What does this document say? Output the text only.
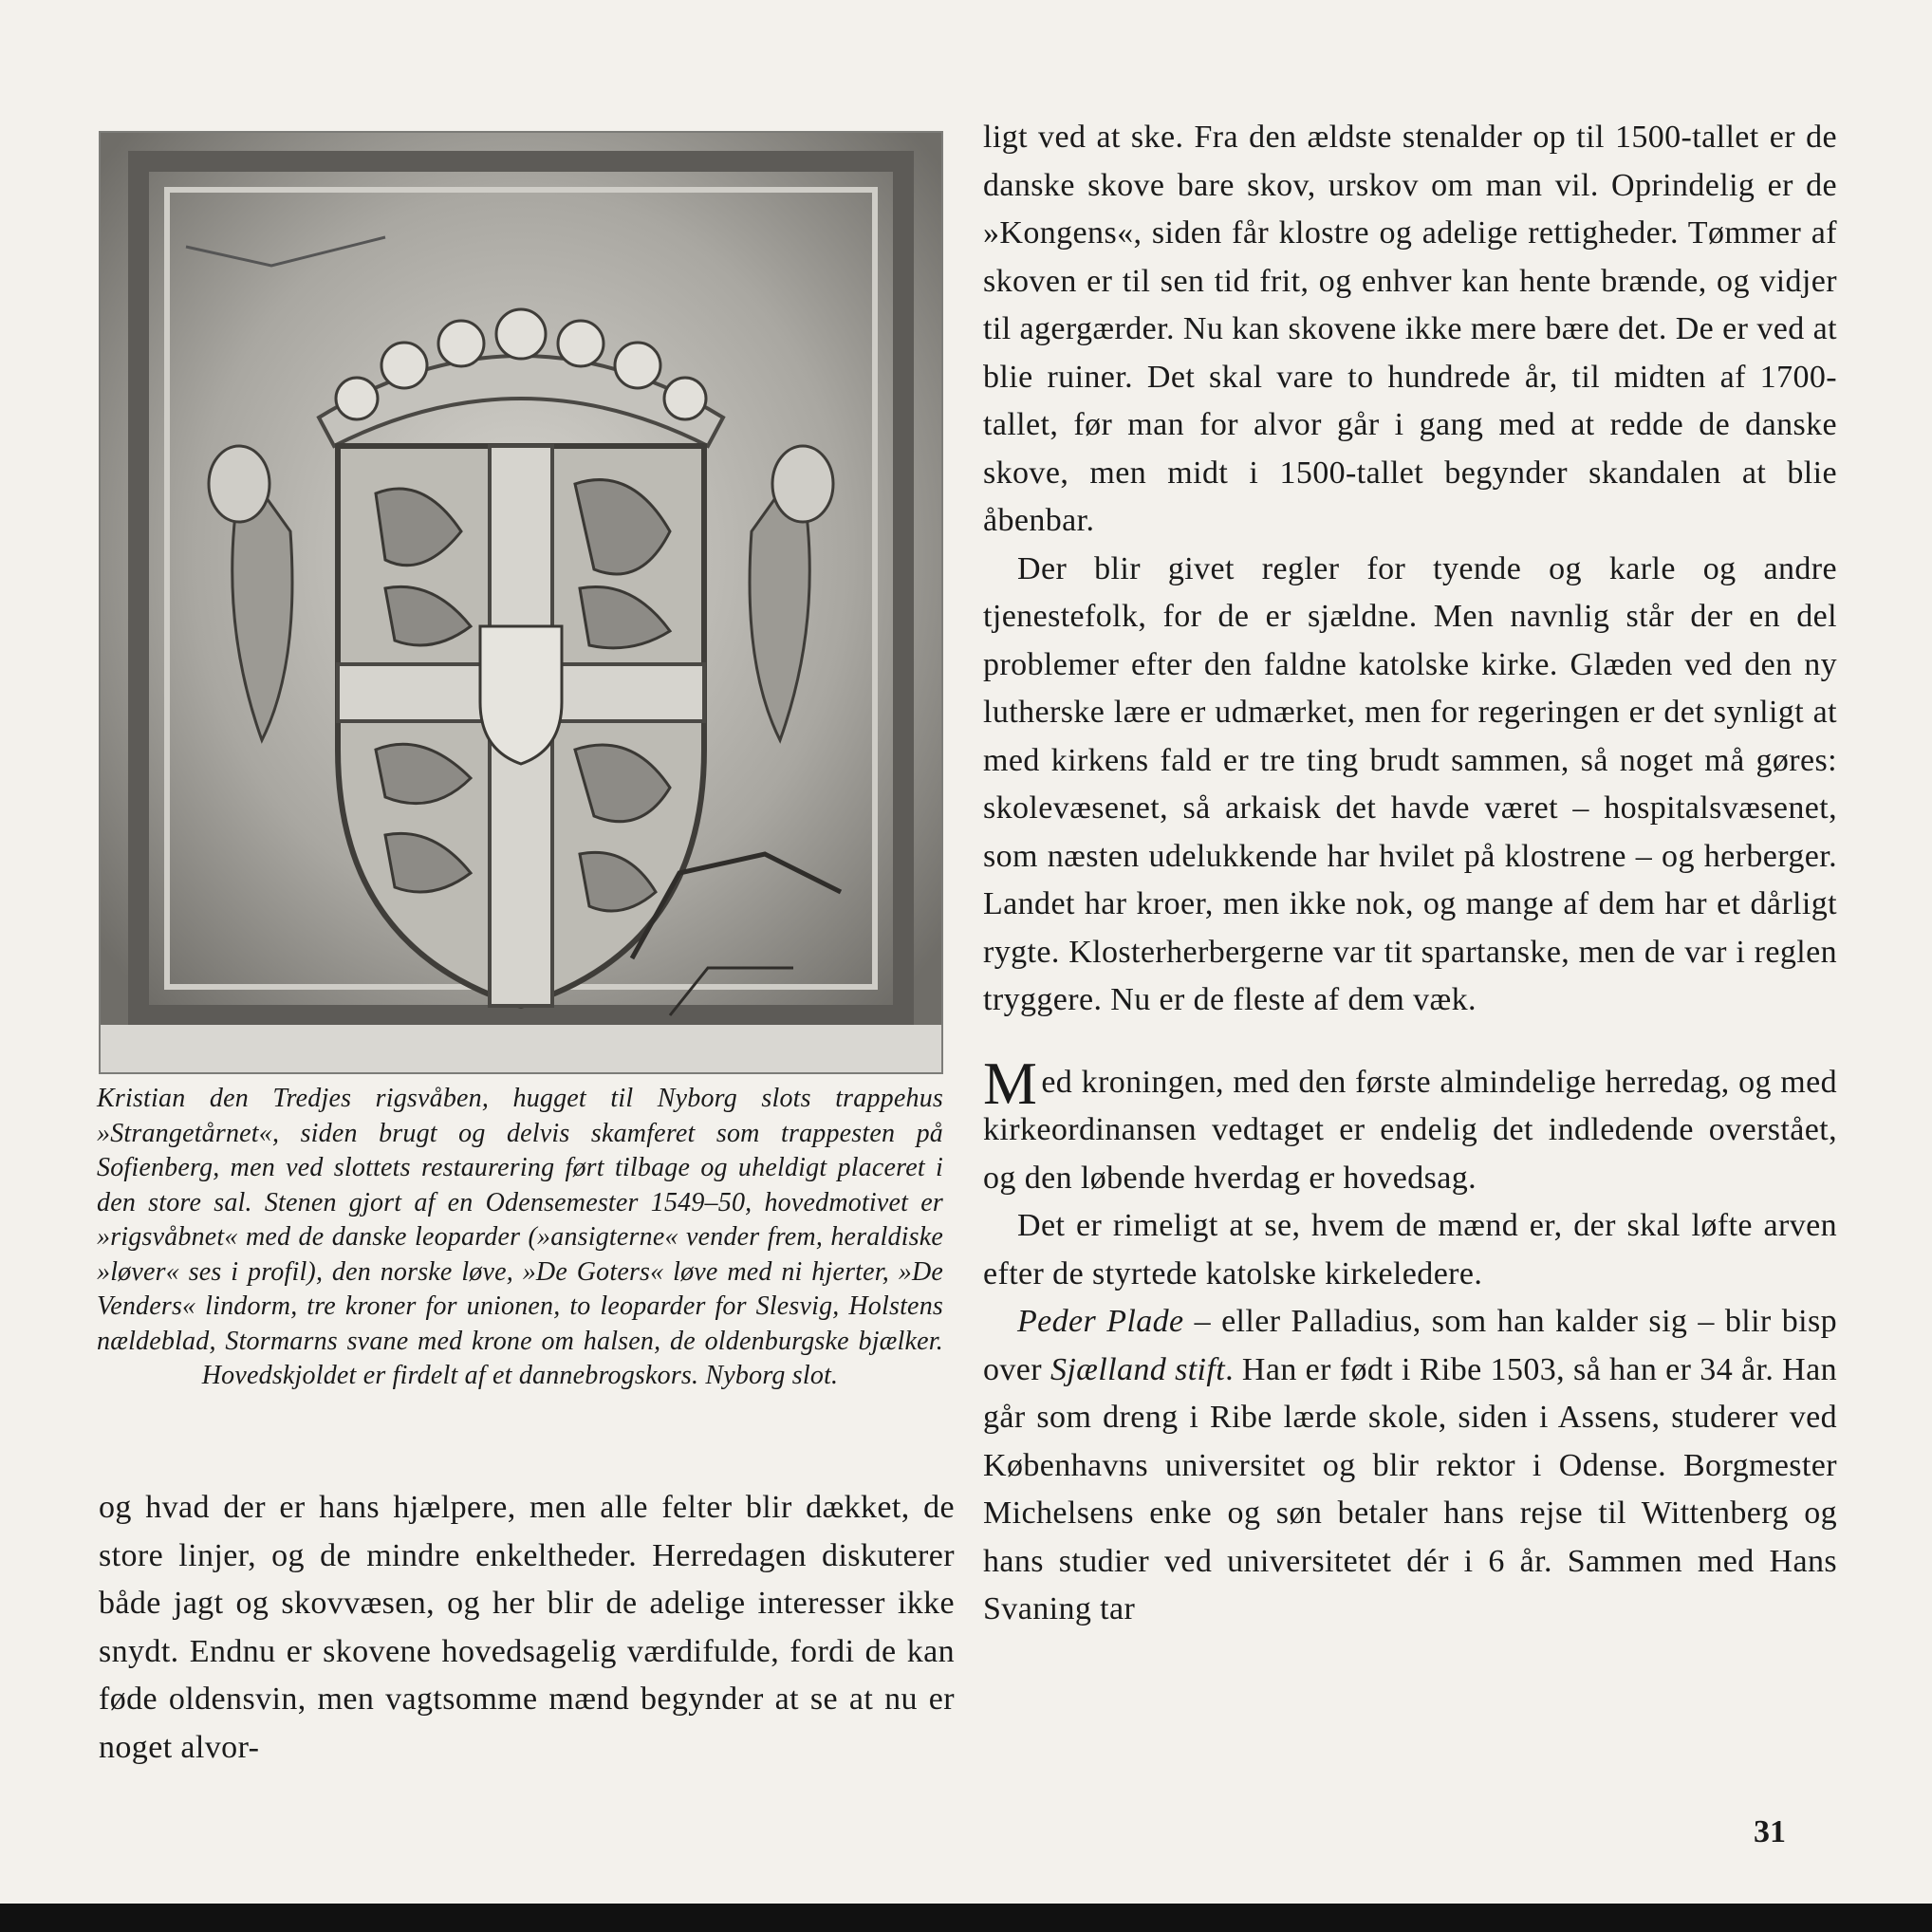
Kristian den Tredjes rigsvåben, hugget til Nyborg slots trappehus »Strangetårnet«, siden brugt og delvis skamferet som trappesten på Sofienberg, men ved slottets restaurering ført tilbage og uheldigt placeret i den store sal. Stenen gjort af en Odensemester 1549–50, hovedmotivet er »rigsvåbnet« med de danske leoparder (»ansigterne« vender frem, heraldiske »løver« ses i profil), den norske løve, »De Goters« løve med ni hjerter, »De Venders« lindorm, tre kroner for unionen, to leoparder for Slesvig, Holstens nældeblad, Stormarns svane med krone om halsen, de oldenburgske bjælker. Hovedskjoldet er firdelt af et dannebrogskors. Nyborg slot.

og hvad der er hans hjælpere, men alle felter blir dækket, de store linjer, og de mindre enkeltheder. Herredagen diskuterer både jagt og skovvæsen, og her blir de adelige interesser ikke snydt. Endnu er skovene hovedsagelig værdifulde, fordi de kan føde oldensvin, men vagtsomme mænd begynder at se at nu er noget alvor-

ligt ved at ske. Fra den ældste stenalder op til 1500-tallet er de danske skove bare skov, urskov om man vil. Oprindelig er de »Kongens«, siden får klostre og adelige rettigheder. Tømmer af skoven er til sen tid frit, og enhver kan hente brænde, og vidjer til agergærder. Nu kan skovene ikke mere bære det. De er ved at blie ruiner. Det skal vare to hundrede år, til midten af 1700-tallet, før man for alvor går i gang med at redde de danske skove, men midt i 1500-tallet begynder skandalen at blie åbenbar.

Der blir givet regler for tyende og karle og andre tjenestefolk, for de er sjældne. Men navnlig står der en del problemer efter den faldne katolske kirke. Glæden ved den ny lutherske lære er udmærket, men for regeringen er det synligt at med kirkens fald er tre ting brudt sammen, så noget må gøres: skolevæsenet, så arkaisk det havde været – hospitalsvæsenet, som næsten udelukkende har hvilet på klostrene – og herberger. Landet har kroer, men ikke nok, og mange af dem har et dårligt rygte. Klosterherbergerne var tit spartanske, men de var i reglen tryggere. Nu er de fleste af dem væk.

Med kroningen, med den første almindelige herredag, og med kirkeordinansen vedtaget er endelig det indledende overstået, og den løbende hverdag er hovedsag.

Det er rimeligt at se, hvem de mænd er, der skal løfte arven efter de styrtede katolske kirkeledere.

Peder Plade – eller Palladius, som han kalder sig – blir bisp over Sjælland stift. Han er født i Ribe 1503, så han er 34 år. Han går som dreng i Ribe lærde skole, siden i Assens, studerer ved Københavns universitet og blir rektor i Odense. Borgmester Michelsens enke og søn betaler hans rejse til Wittenberg og hans studier ved universitetet dér i 6 år. Sammen med Hans Svaning tar

31
